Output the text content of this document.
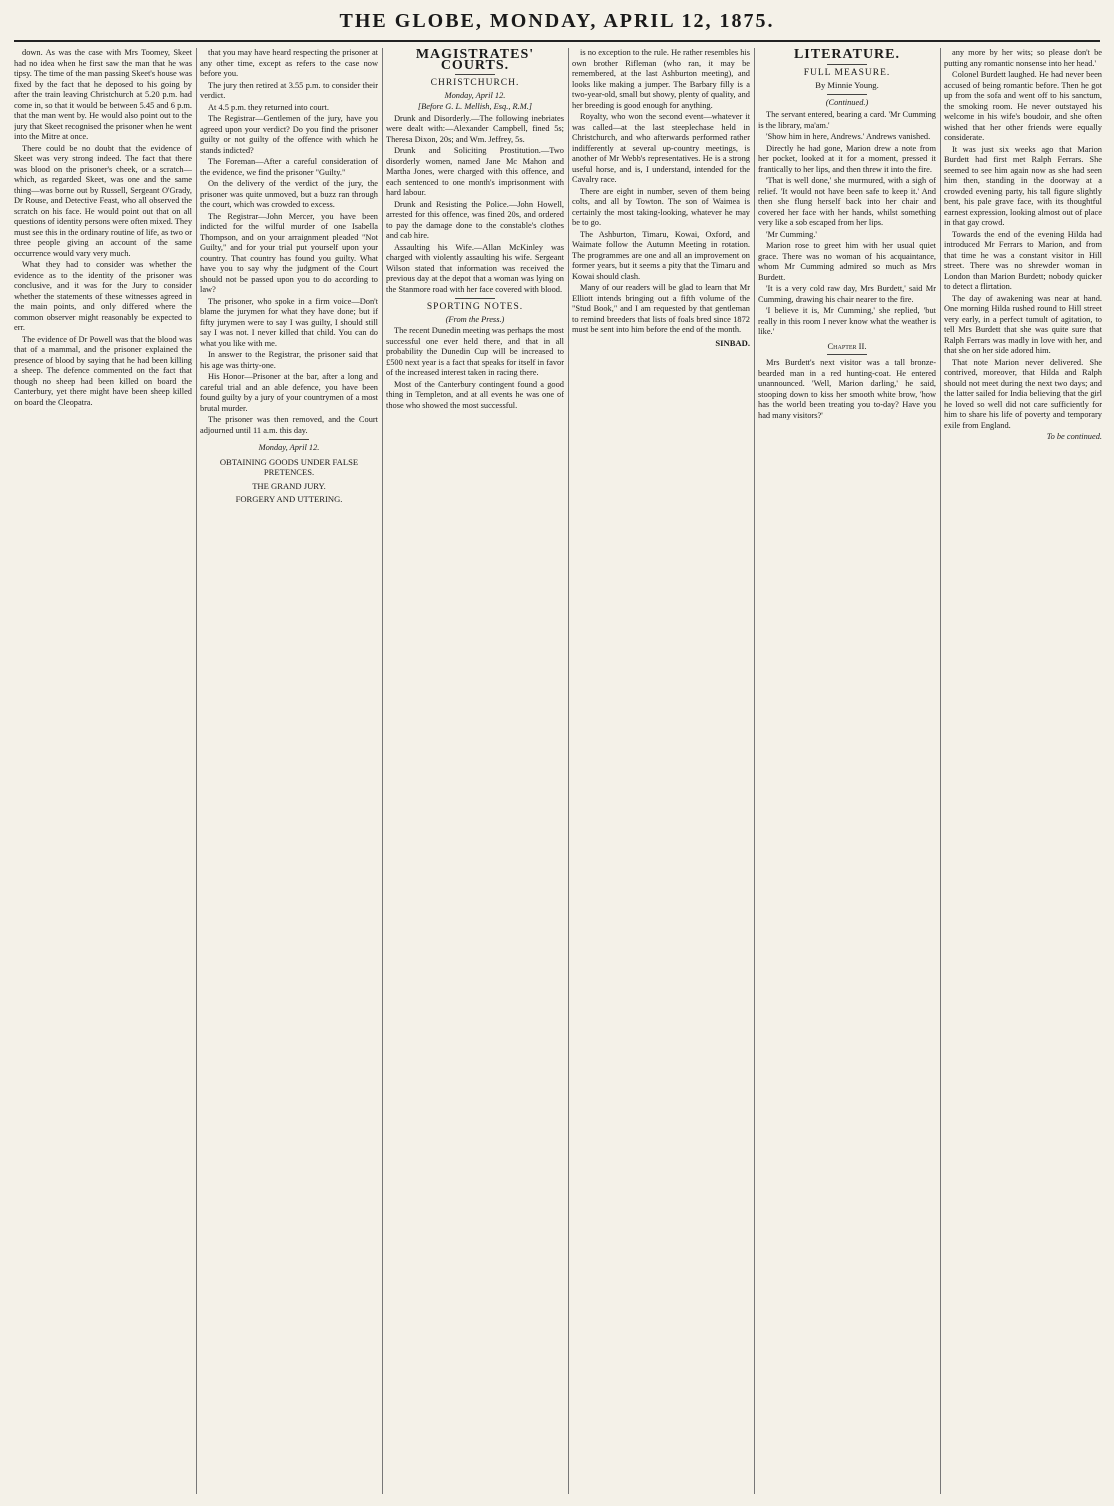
THE GLOBE, MONDAY, APRIL 12, 1875.

down. As was the case with Mrs Toomey, Skeet had no idea when he first saw the man that he was tipsy. The time of the man passing Skeet's house was fixed by the fact that he deposed to his going by after the train leaving Christchurch at 5.20 p.m. had come in, so that it would be between 5.45 and 6 p.m. that the man went by. He would also point out to the jury that Skeet recognised the prisoner when he went into the Mitre at once.

There could be no doubt that the evidence of Skeet was very strong indeed. The fact that there was blood on the prisoner's cheek, or a scratch—which, as regarded Skeet, was one and the same thing—was borne out by Russell, Sergeant O'Grady, Dr Rouse, and Detective Feast, who all observed the scratch on his face. He would point out that on all questions of identity persons were often mixed. They must see this in the ordinary routine of life, as two or three people giving an account of the same occurrence would vary very much.

What they had to consider was whether the evidence as to the identity of the prisoner was conclusive, and it was for the Jury to consider whether the statements of these witnesses agreed in the main points, and only differed where the common observer might reasonably be expected to err.

The evidence of Dr Powell was that the blood was that of a mammal, and the prisoner explained the presence of blood by saying that he had been killing a sheep. The defence commented on the fact that though no sheep had been killed on board the Canterbury, yet there might have been sheep killed on board the Cleopatra.

that you may have heard respecting the prisoner at any other time, except as refers to the case now before you.

The jury then retired at 3.55 p.m. to consider their verdict.

At 4.5 p.m. they returned into court.

The Registrar—Gentlemen of the jury, have you agreed upon your verdict? Do you find the prisoner guilty or not guilty of the offence with which he stands indicted?

The Foreman—After a careful consideration of the evidence, we find the prisoner "Guilty."

On the delivery of the verdict of the jury, the prisoner was quite unmoved, but a buzz ran through the court, which was crowded to excess.

The Registrar—John Mercer, you have been indicted for the wilful murder of one Isabella Thompson, and on your arraignment pleaded "Not Guilty," and for your trial put yourself upon your country. That country has found you guilty. What have you to say why the judgment of the Court should not be passed upon you to do according to law?

The prisoner, who spoke in a firm voice—Don't blame the jurymen for what they have done; but if fifty jurymen were to say I was guilty, I should still say I was not. I never killed that child. You can do what you like with me.

In answer to the Registrar, the prisoner said that his age was thirty-one.

His Honor—Prisoner at the bar, after a long and careful trial and an able defence, you have been found guilty by a jury of your countrymen of a most brutal murder.

The prisoner was then removed, and the Court adjourned until 11 a.m. this day.

Monday, April 12.
OBTAINING GOODS UNDER FALSE PRETENCES.
THE GRAND JURY.
FORGERY AND UTTERING.
MAGISTRATES' COURTS.
CHRISTCHURCH.
Monday, April 12.
[Before G. L. Mellish, Esq., R.M.]

Drunk and Disorderly.—The following inebriates were dealt with:—Alexander Campbell, fined 5s; Theresa Dixon, 20s; and Wm. Jeffrey, 5s.

Drunk and Soliciting Prostitution.—Two disorderly women, named Jane Mc Mahon and Martha Jones, were charged with this offence, and each sentenced to one month's imprisonment with hard labour.

Drunk and Resisting the Police.—John Howell, arrested for this offence, was fined 20s, and ordered to pay the damage done to the constable's clothes and cab hire.

Assaulting his Wife.—Allan McKinley was charged with violently assaulting his wife. Sergeant Wilson stated that information was received the previous day at the depot that a woman was lying on the Stanmore road with her face covered with blood.

SPORTING NOTES.
(From the Press.)

The recent Dunedin meeting was perhaps the most successful one ever held there, and that in all probability the Dunedin Cup will be increased to £500 next year is a fact that speaks for itself in favor of the increased interest taken in racing there.

Most of the Canterbury contingent found a good thing in Templeton, and at all events he was one of those who showed the most successful.

is no exception to the rule. He rather resembles his own brother Rifleman (who ran, it may be remembered, at the last Ashburton meeting), and looks like making a jumper. The Barbary filly is a two-year-old, small but showy, plenty of quality, and her breeding is good enough for anything.

Royalty, who won the second event—whatever it was called—at the last steeplechase held in Christchurch, and who afterwards performed rather indifferently at several up-country meetings, is another of Mr Webb's representatives. He is a strong useful horse, and is, I understand, intended for the Cavalry race.

There are eight in number, seven of them being colts, and all by Towton. The son of Waimea is certainly the most taking-looking, whatever he may be to go.

The Ashburton, Timaru, Kowai, Oxford, and Waimate follow the Autumn Meeting in rotation. The programmes are one and all an improvement on former years, but it seems a pity that the Timaru and Kowai should clash.

Many of our readers will be glad to learn that Mr Elliott intends bringing out a fifth volume of the "Stud Book," and I am requested by that gentleman to remind breeders that lists of foals bred since 1872 must be sent into him before the end of the month.

SINBAD.
LITERATURE.
FULL MEASURE.
By Minnie Young.
(Continued.)

The servant entered, bearing a card. 'Mr Cumming is the library, ma'am.'

'Show him in here, Andrews.' Andrews vanished.

Directly he had gone, Marion drew a note from her pocket, looked at it for a moment, pressed it frantically to her lips, and then threw it into the fire.

'That is well done,' she murmured, with a sigh of relief. 'It would not have been safe to keep it.' And then she flung herself back into her chair and covered her face with her hands, whilst something very like a sob escaped from her lips.

'Mr Cumming.'

Marion rose to greet him with her usual quiet grace. There was no woman of his acquaintance, whom Mr Cumming admired so much as Mrs Burdett.

'It is a very cold raw day, Mrs Burdett,' said Mr Cumming, drawing his chair nearer to the fire.

'I believe it is, Mr Cumming,' she replied, 'but really in this room I never know what the weather is like.'

Chapter II.

Mrs Burdett's next visitor was a tall bronze-bearded man in a red hunting-coat. He entered unannounced. 'Well, Marion darling,' he said, stooping down to kiss her smooth white brow, 'how has the world been treating you to-day? Have you had many visitors?'

any more by her wits; so please don't be putting any romantic nonsense into her head.'

Colonel Burdett laughed. He had never been accused of being romantic before. Then he got up from the sofa and went off to his sanctum, the smoking room. He never outstayed his welcome in his wife's boudoir, and she often wished that her other friends were equally considerate.

It was just six weeks ago that Marion Burdett had first met Ralph Ferrars. She seemed to see him again now as she had seen him then, standing in the doorway at a crowded evening party, his tall figure slightly bent, his pale grave face, with its thoughtful earnest expression, looking almost out of place in that gay crowd.

Towards the end of the evening Hilda had introduced Mr Ferrars to Marion, and from that time he was a constant visitor in Hill street. There was no shrewder woman in London than Marion Burdett; nobody quicker to detect a flirtation.

The day of awakening was near at hand. One morning Hilda rushed round to Hill street very early, in a perfect tumult of agitation, to tell Mrs Burdett that she was quite sure that Ralph Ferrars was madly in love with her, and that she on her side adored him.

That note Marion never delivered. She contrived, moreover, that Hilda and Ralph should not meet during the next two days; and the latter sailed for India believing that the girl he loved so well did not care sufficiently for him to share his life of poverty and temporary exile from England.

To be continued.
